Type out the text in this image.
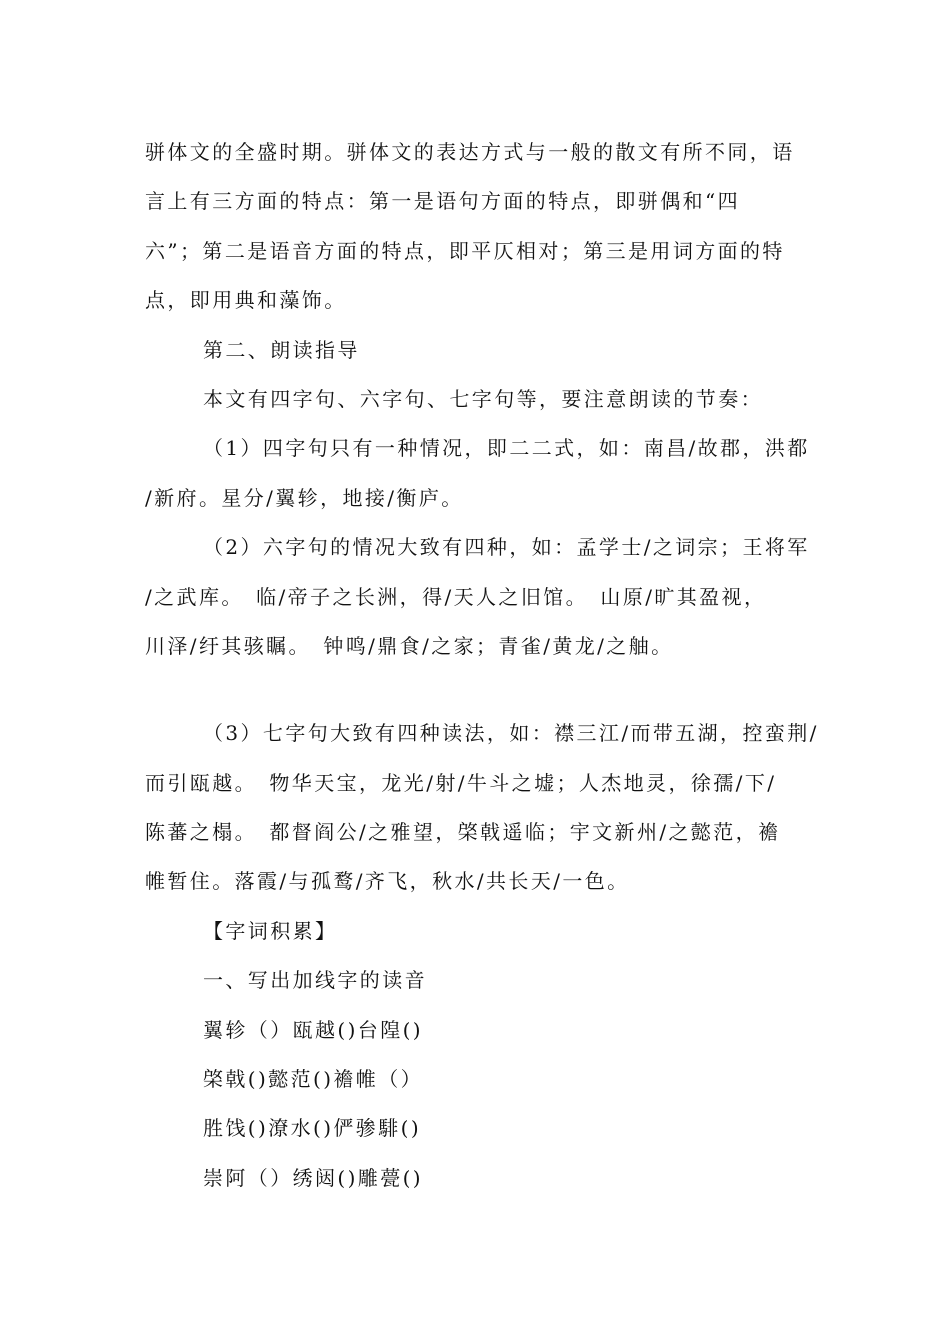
骈体文的全盛时期。骈体文的表达方式与一般的散文有所不同，语
言上有三方面的特点：第一是语句方面的特点，即骈偶和“四
六”；第二是语音方面的特点，即平仄相对；第三是用词方面的特
点，即用典和藻饰。
第二、朗读指导
本文有四字句、六字句、七字句等，要注意朗读的节奏：
（1）四字句只有一种情况，即二二式，如：南昌/故郡，洪都
/新府。星分/翼轸，地接/衡庐。
（2）六字句的情况大致有四种，如：孟学士/之词宗；王将军
/之武库。　临/帝子之长洲，得/天人之旧馆。　山原/旷其盈视，
川泽/纡其骇瞩。　钟鸣/鼎食/之家；青雀/黄龙/之舳。
（3）七字句大致有四种读法，如：襟三江/而带五湖，控蛮荆/
而引瓯越。　物华天宝，龙光/射/牛斗之墟；人杰地灵，徐孺/下/
陈蕃之榻。　都督阎公/之雅望，棨戟遥临；宇文新州/之懿范，襜
帷暂住。落霞/与孤鹜/齐飞，秋水/共长天/一色。
【字词积累】
一、写出加线字的读音
翼轸（）瓯越()台隍()
棨戟()懿范()襜帷（）
胜饯()潦水()俨骖騑()
崇阿（）绣闼()雕甍()
